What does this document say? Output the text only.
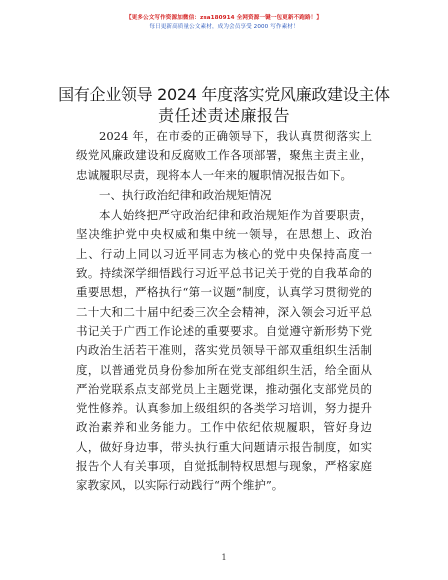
【更多公文写作资源加微信：zsa180914 全网资源一键一包更新不跑路！】
每日更新高质量公文素材，成为会员享受 2000 写作素材！
国有企业领导 2024 年度落实党风廉政建设主体
责任述责述廉报告

2024 年，在市委的正确领导下，我认真贯彻落实上级党风廉政建设和反腐败工作各项部署，聚焦主责主业，忠诚履职尽责，现将本人一年来的履职情况报告如下。

一、执行政治纪律和政治规矩情况

本人始终把严守政治纪律和政治规矩作为首要职责，坚决维护党中央权威和集中统一领导，在思想上、政治上、行动上同以习近平同志为核心的党中央保持高度一致。持续深学细悟践行习近平总书记关于党的自我革命的重要思想，严格执行“第一议题”制度，认真学习贯彻党的二十大和二十届中纪委三次全会精神，深入领会习近平总书记关于广西工作论述的重要要求。自觉遵守新形势下党内政治生活若干准则，落实党员领导干部双重组织生活制度，以普通党员身份参加所在党支部组织生活，给全面从严治党联系点支部党员上主题党课，推动强化支部党员的党性修养。认真参加上级组织的各类学习培训，努力提升政治素养和业务能力。工作中依纪依规履职，管好身边人，做好身边事，带头执行重大问题请示报告制度，如实报告个人有关事项，自觉抵制特权思想与现象，严格家庭家教家风，以实际行动践行“两个维护”。

1
